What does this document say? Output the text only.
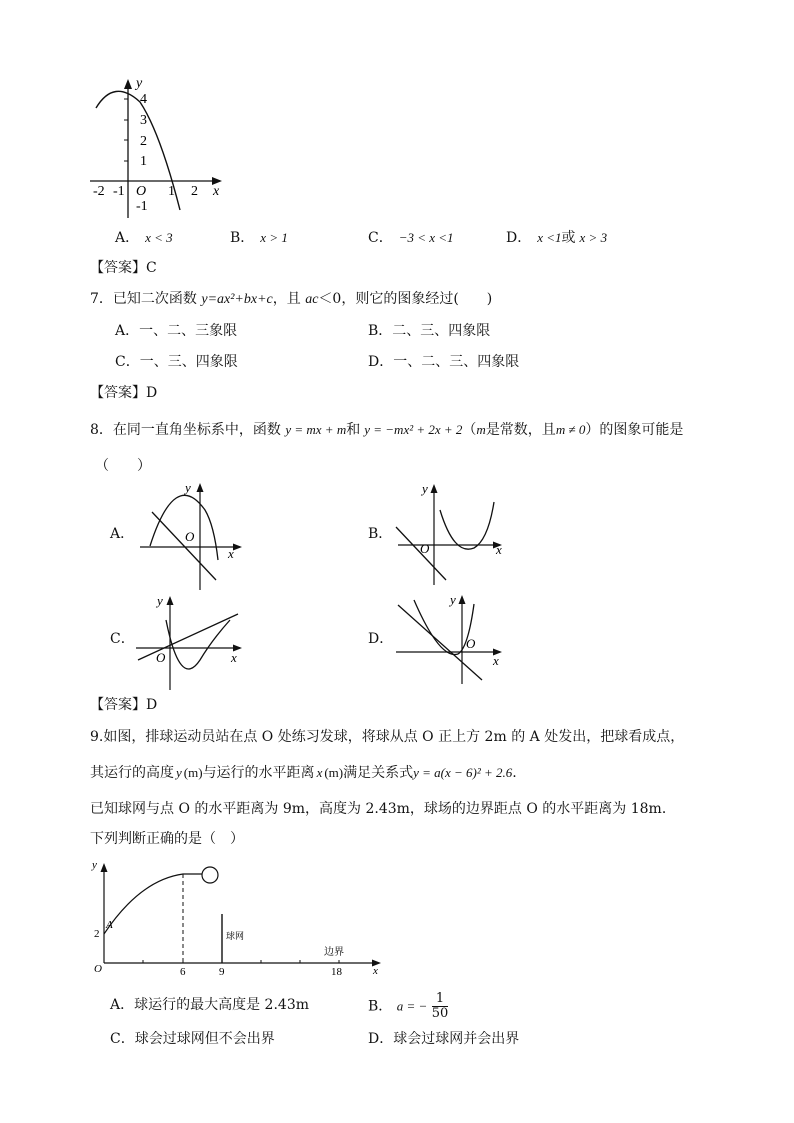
y
x
O
4
3
2
1
-1
-2 -1	1 2
A． x < 3	B． x > 1	C． −3 < x <1	D． x <1或 x > 3
【答案】C
7．已知二次函数 y=ax²+bx+c，且 ac＜0，则它的图象经过(　　)
A．一、二、三象限	B．二、三、四象限
C．一、三、四象限	D．一、二、三、四象限
【答案】D
8．在同一直角坐标系中，函数 y = mx + m和 y = −mx² + 2x + 2（m是常数，且m ≠ 0）的图象可能是
（　　）
A．	B．
C．	D．
y
x
O
y
x
O
y
x
O
y
x
O
【答案】D
9.如图，排球运动员站在点 O 处练习发球，将球从点 O 正上方 2m 的 A 处发出，把球看成点，
其运行的高度 y (m)与运行的水平距离 x (m)满足关系式y = a(x − 6)² + 2.6.
已知球网与点 O 的水平距离为 9m，高度为 2.43m，球场的边界距点 O 的水平距离为 18m．
下列判断正确的是（　）
y
x
O
A
2
6	9	18
球网
边界
A．球运行的最大高度是 2.43m	B． a = − $\frac{1}{50}$
C．球会过球网但不会出界	D．球会过球网并会出界
